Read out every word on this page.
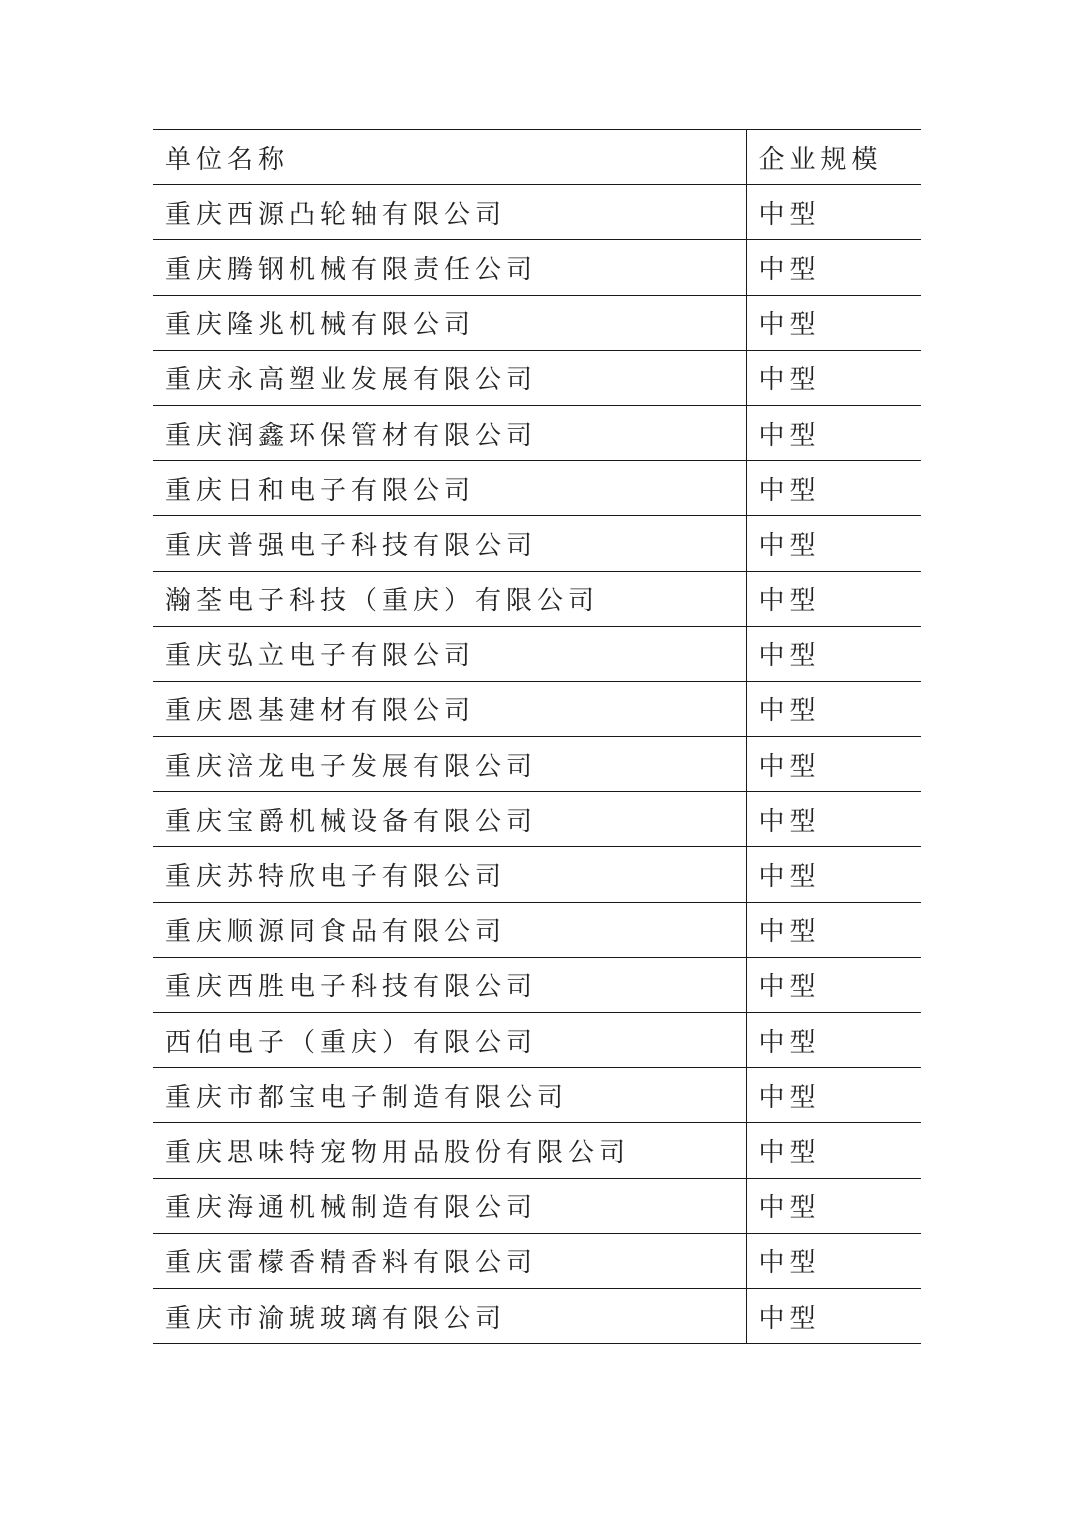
单位名称	企业规模
重庆西源凸轮轴有限公司	中型
重庆腾钢机械有限责任公司	中型
重庆隆兆机械有限公司	中型
重庆永高塑业发展有限公司	中型
重庆润鑫环保管材有限公司	中型
重庆日和电子有限公司	中型
重庆普强电子科技有限公司	中型
瀚荃电子科技（重庆）有限公司	中型
重庆弘立电子有限公司	中型
重庆恩基建材有限公司	中型
重庆涪龙电子发展有限公司	中型
重庆宝爵机械设备有限公司	中型
重庆苏特欣电子有限公司	中型
重庆顺源同食品有限公司	中型
重庆西胜电子科技有限公司	中型
西伯电子（重庆）有限公司	中型
重庆市都宝电子制造有限公司	中型
重庆思味特宠物用品股份有限公司	中型
重庆海通机械制造有限公司	中型
重庆雷檬香精香料有限公司	中型
重庆市渝琥玻璃有限公司	中型
